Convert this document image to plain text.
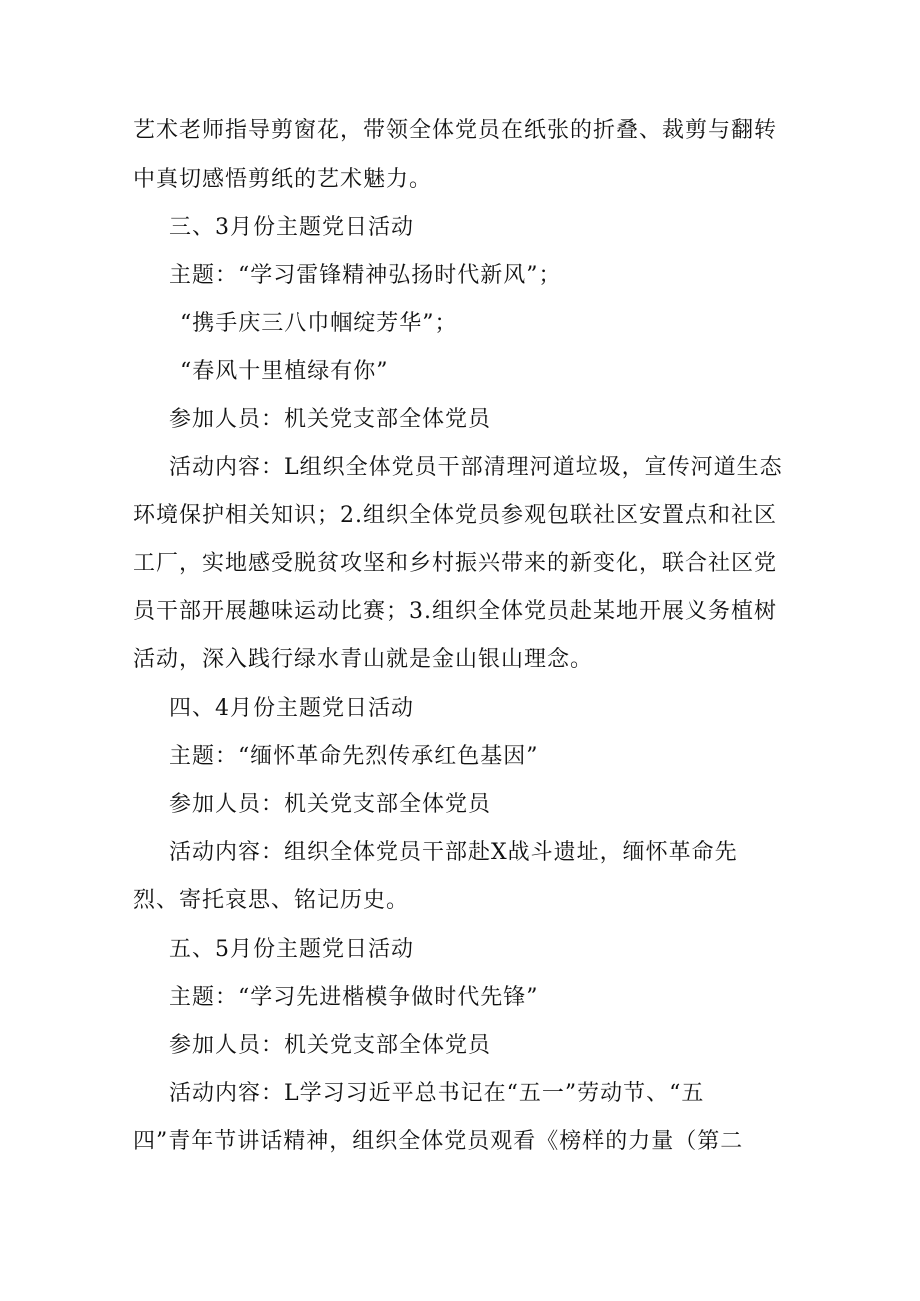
艺术老师指导剪窗花，带领全体党员在纸张的折叠、裁剪与翻转
中真切感悟剪纸的艺术魅力。
三、3月份主题党日活动
主题：“学习雷锋精神弘扬时代新风”；
“携手庆三八巾帼绽芳华”；
“春风十里植绿有你”
参加人员：机关党支部全体党员
活动内容：L组织全体党员干部清理河道垃圾，宣传河道生态
环境保护相关知识；2.组织全体党员参观包联社区安置点和社区
工厂，实地感受脱贫攻坚和乡村振兴带来的新变化，联合社区党
员干部开展趣味运动比赛；3.组织全体党员赴某地开展义务植树
活动，深入践行绿水青山就是金山银山理念。
四、4月份主题党日活动
主题：“缅怀革命先烈传承红色基因”
参加人员：机关党支部全体党员
活动内容：组织全体党员干部赴X战斗遗址，缅怀革命先
烈、寄托哀思、铭记历史。
五、5月份主题党日活动
主题：“学习先进楷模争做时代先锋”
参加人员：机关党支部全体党员
活动内容：L学习习近平总书记在“五一”劳动节、“五
四”青年节讲话精神，组织全体党员观看《榜样的力量（第二
